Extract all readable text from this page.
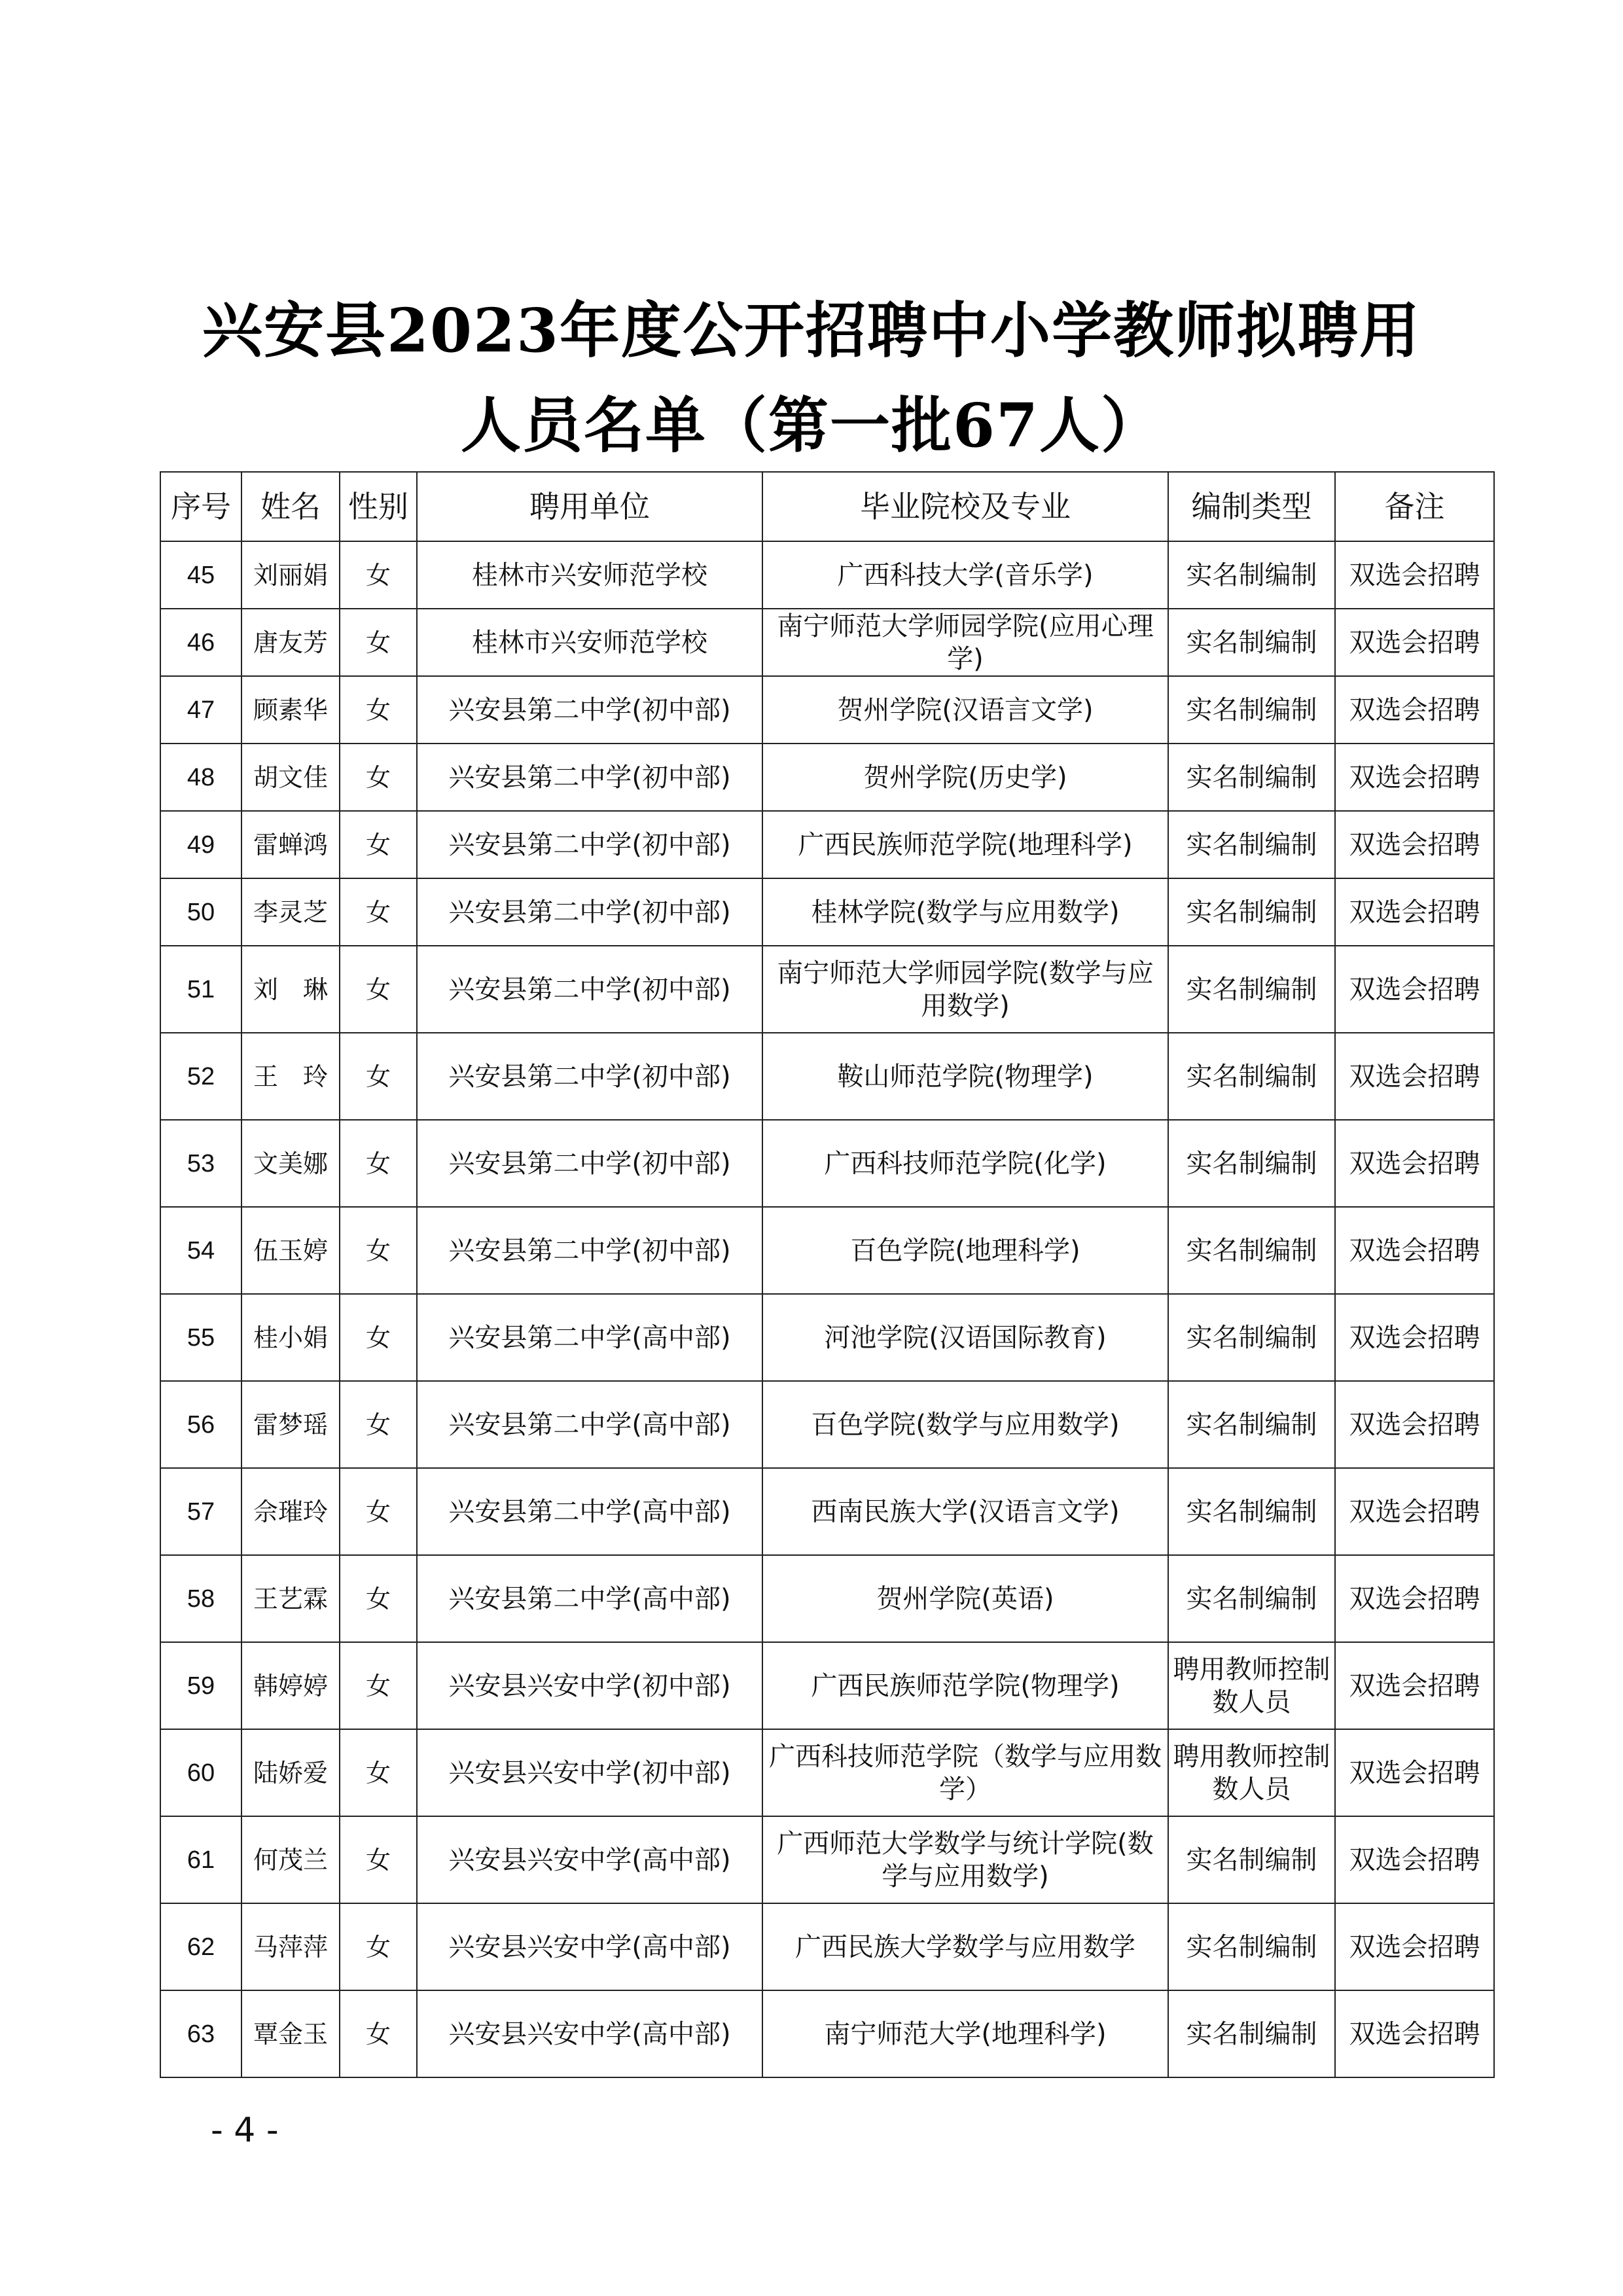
兴安县2023年度公开招聘中小学教师拟聘用
人员名单（第一批67人）
序号	姓名	性别	聘用单位	毕业院校及专业	编制类型	备注
45	刘丽娟	女	桂林市兴安师范学校	广西科技大学(音乐学)	实名制编制	双选会招聘
46	唐友芳	女	桂林市兴安师范学校	南宁师范大学师园学院(应用心理学)	实名制编制	双选会招聘
47	顾素华	女	兴安县第二中学(初中部)	贺州学院(汉语言文学)	实名制编制	双选会招聘
48	胡文佳	女	兴安县第二中学(初中部)	贺州学院(历史学)	实名制编制	双选会招聘
49	雷蝉鸿	女	兴安县第二中学(初中部)	广西民族师范学院(地理科学)	实名制编制	双选会招聘
50	李灵芝	女	兴安县第二中学(初中部)	桂林学院(数学与应用数学)	实名制编制	双选会招聘
51	刘　琳	女	兴安县第二中学(初中部)	南宁师范大学师园学院(数学与应用数学)	实名制编制	双选会招聘
52	王　玲	女	兴安县第二中学(初中部)	鞍山师范学院(物理学)	实名制编制	双选会招聘
53	文美娜	女	兴安县第二中学(初中部)	广西科技师范学院(化学)	实名制编制	双选会招聘
54	伍玉婷	女	兴安县第二中学(初中部)	百色学院(地理科学)	实名制编制	双选会招聘
55	桂小娟	女	兴安县第二中学(高中部)	河池学院(汉语国际教育)	实名制编制	双选会招聘
56	雷梦瑶	女	兴安县第二中学(高中部)	百色学院(数学与应用数学)	实名制编制	双选会招聘
57	佘璀玲	女	兴安县第二中学(高中部)	西南民族大学(汉语言文学)	实名制编制	双选会招聘
58	王艺霖	女	兴安县第二中学(高中部)	贺州学院(英语)	实名制编制	双选会招聘
59	韩婷婷	女	兴安县兴安中学(初中部)	广西民族师范学院(物理学)	聘用教师控制数人员	双选会招聘
60	陆娇爱	女	兴安县兴安中学(初中部)	广西科技师范学院（数学与应用数学）	聘用教师控制数人员	双选会招聘
61	何茂兰	女	兴安县兴安中学(高中部)	广西师范大学数学与统计学院(数学与应用数学)	实名制编制	双选会招聘
62	马萍萍	女	兴安县兴安中学(高中部)	广西民族大学数学与应用数学	实名制编制	双选会招聘
63	覃金玉	女	兴安县兴安中学(高中部)	南宁师范大学(地理科学)	实名制编制	双选会招聘
- 4 -
